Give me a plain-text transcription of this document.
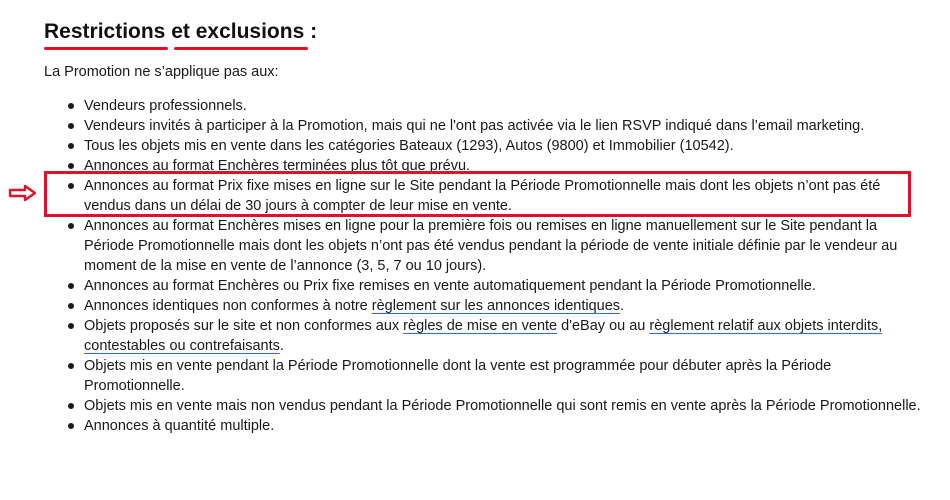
Restrictions et exclusions :

La Promotion ne s’applique pas aux:

Vendeurs professionnels.
Vendeurs invités à participer à la Promotion, mais qui ne l'ont pas activée via le lien RSVP indiqué dans l’email marketing.
Tous les objets mis en vente dans les catégories Bateaux (1293), Autos (9800) et Immobilier (10542).
Annonces au format Enchères terminées plus tôt que prévu.
Annonces au format Prix fixe mises en ligne sur le Site pendant la Période Promotionnelle mais dont les objets n’ont pas été vendus dans un délai de 30 jours à compter de leur mise en vente.
Annonces au format Enchères mises en ligne pour la première fois ou remises en ligne manuellement sur le Site pendant la Période Promotionnelle mais dont les objets n’ont pas été vendus pendant la période de vente initiale définie par le vendeur au moment de la mise en vente de l’annonce (3, 5, 7 ou 10 jours).
Annonces au format Enchères ou Prix fixe remises en vente automatiquement pendant la Période Promotionnelle.
Annonces identiques non conformes à notre règlement sur les annonces identiques.
Objets proposés sur le site et non conformes aux règles de mise en vente d'eBay ou au règlement relatif aux objets interdits, contestables ou contrefaisants.
Objets mis en vente pendant la Période Promotionnelle dont la vente est programmée pour débuter après la Période Promotionnelle.
Objets mis en vente mais non vendus pendant la Période Promotionnelle qui sont remis en vente après la Période Promotionnelle.
Annonces à quantité multiple.
